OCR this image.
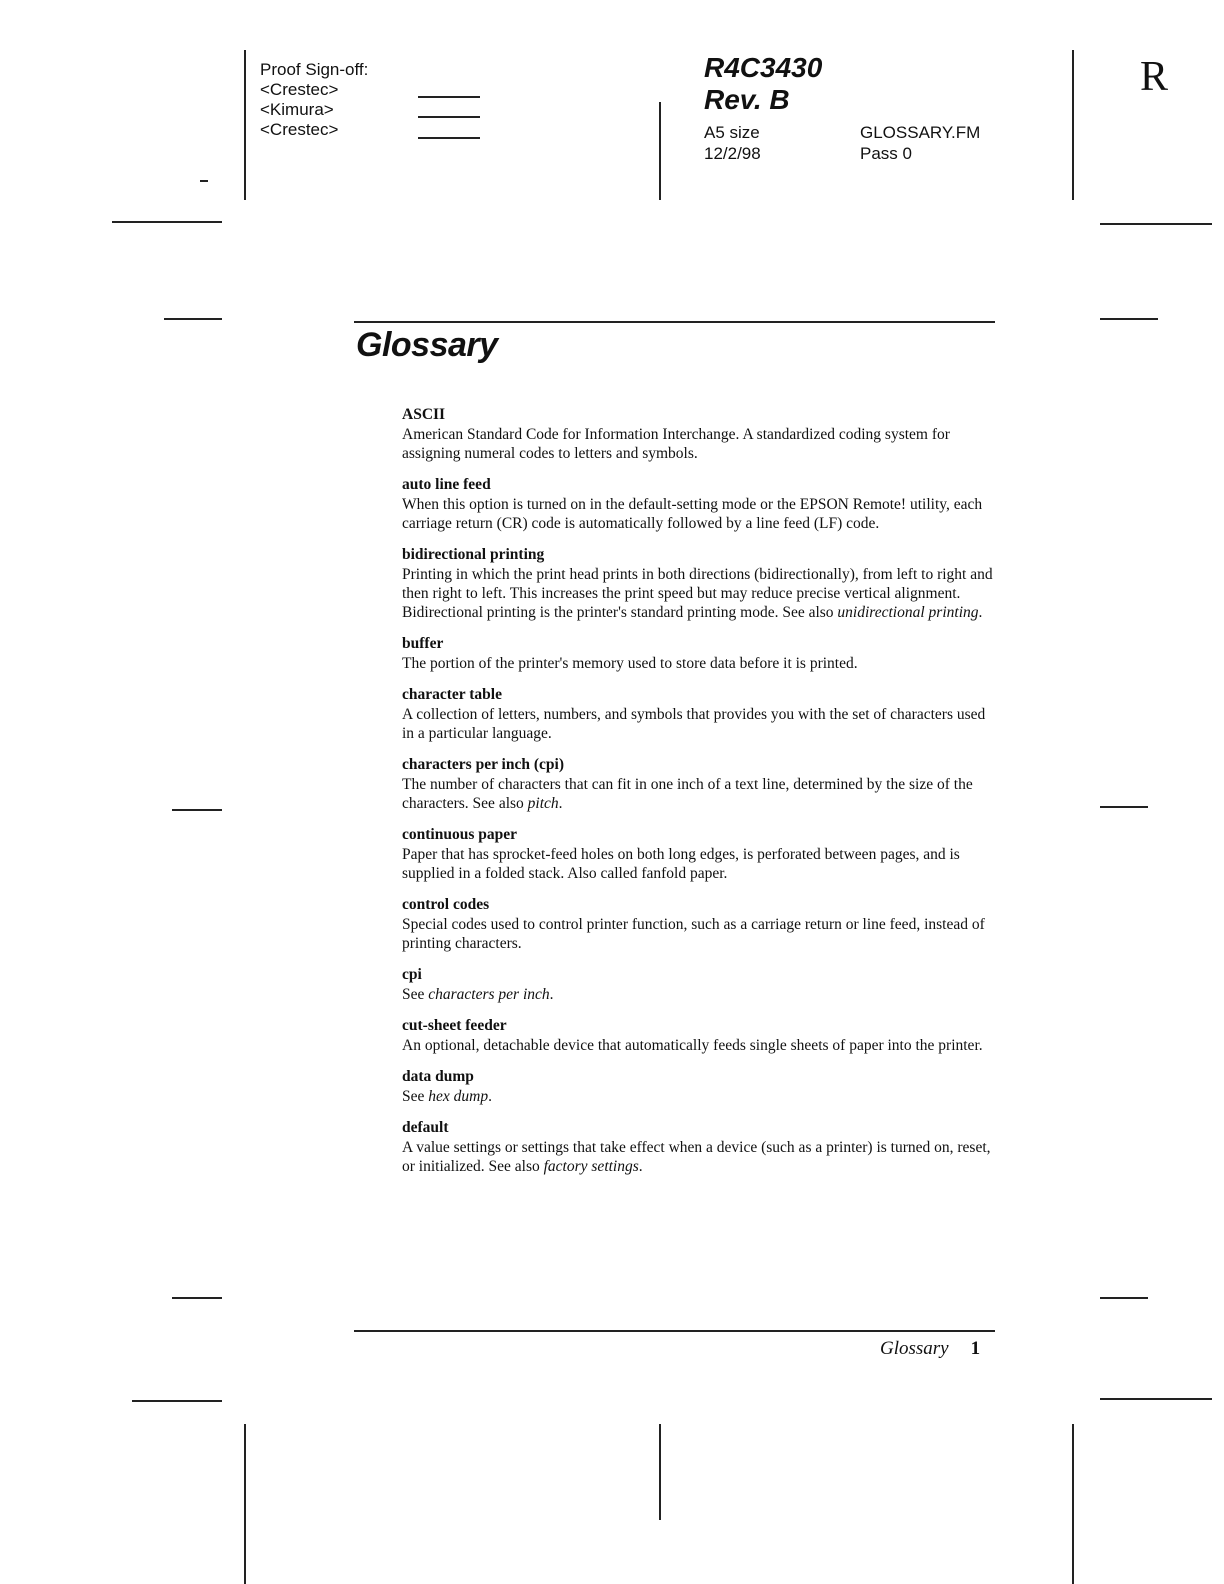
Proof Sign-off:
<Crestec>
<Kimura>
<Crestec>
R4C3430
Rev. B
A5 size
12/2/98
GLOSSARY.FM
Pass 0
R
Glossary
ASCII
American Standard Code for Information Interchange. A standardized coding system for assigning numeral codes to letters and symbols.
auto line feed
When this option is turned on in the default-setting mode or the EPSON Remote! utility, each carriage return (CR) code is automatically followed by a line feed (LF) code.
bidirectional printing
Printing in which the print head prints in both directions (bidirectionally), from left to right and then right to left. This increases the print speed but may reduce precise vertical alignment. Bidirectional printing is the printer's standard printing mode. See also unidirectional printing.
buffer
The portion of the printer's memory used to store data before it is printed.
character table
A collection of letters, numbers, and symbols that provides you with the set of characters used in a particular language.
characters per inch (cpi)
The number of characters that can fit in one inch of a text line, determined by the size of the characters. See also pitch.
continuous paper
Paper that has sprocket-feed holes on both long edges, is perforated between pages, and is supplied in a folded stack. Also called fanfold paper.
control codes
Special codes used to control printer function, such as a carriage return or line feed, instead of printing characters.
cpi
See characters per inch.
cut-sheet feeder
An optional, detachable device that automatically feeds single sheets of paper into the printer.
data dump
See hex dump.
default
A value settings or settings that take effect when a device (such as a printer) is turned on, reset, or initialized. See also factory settings.
Glossary 1
